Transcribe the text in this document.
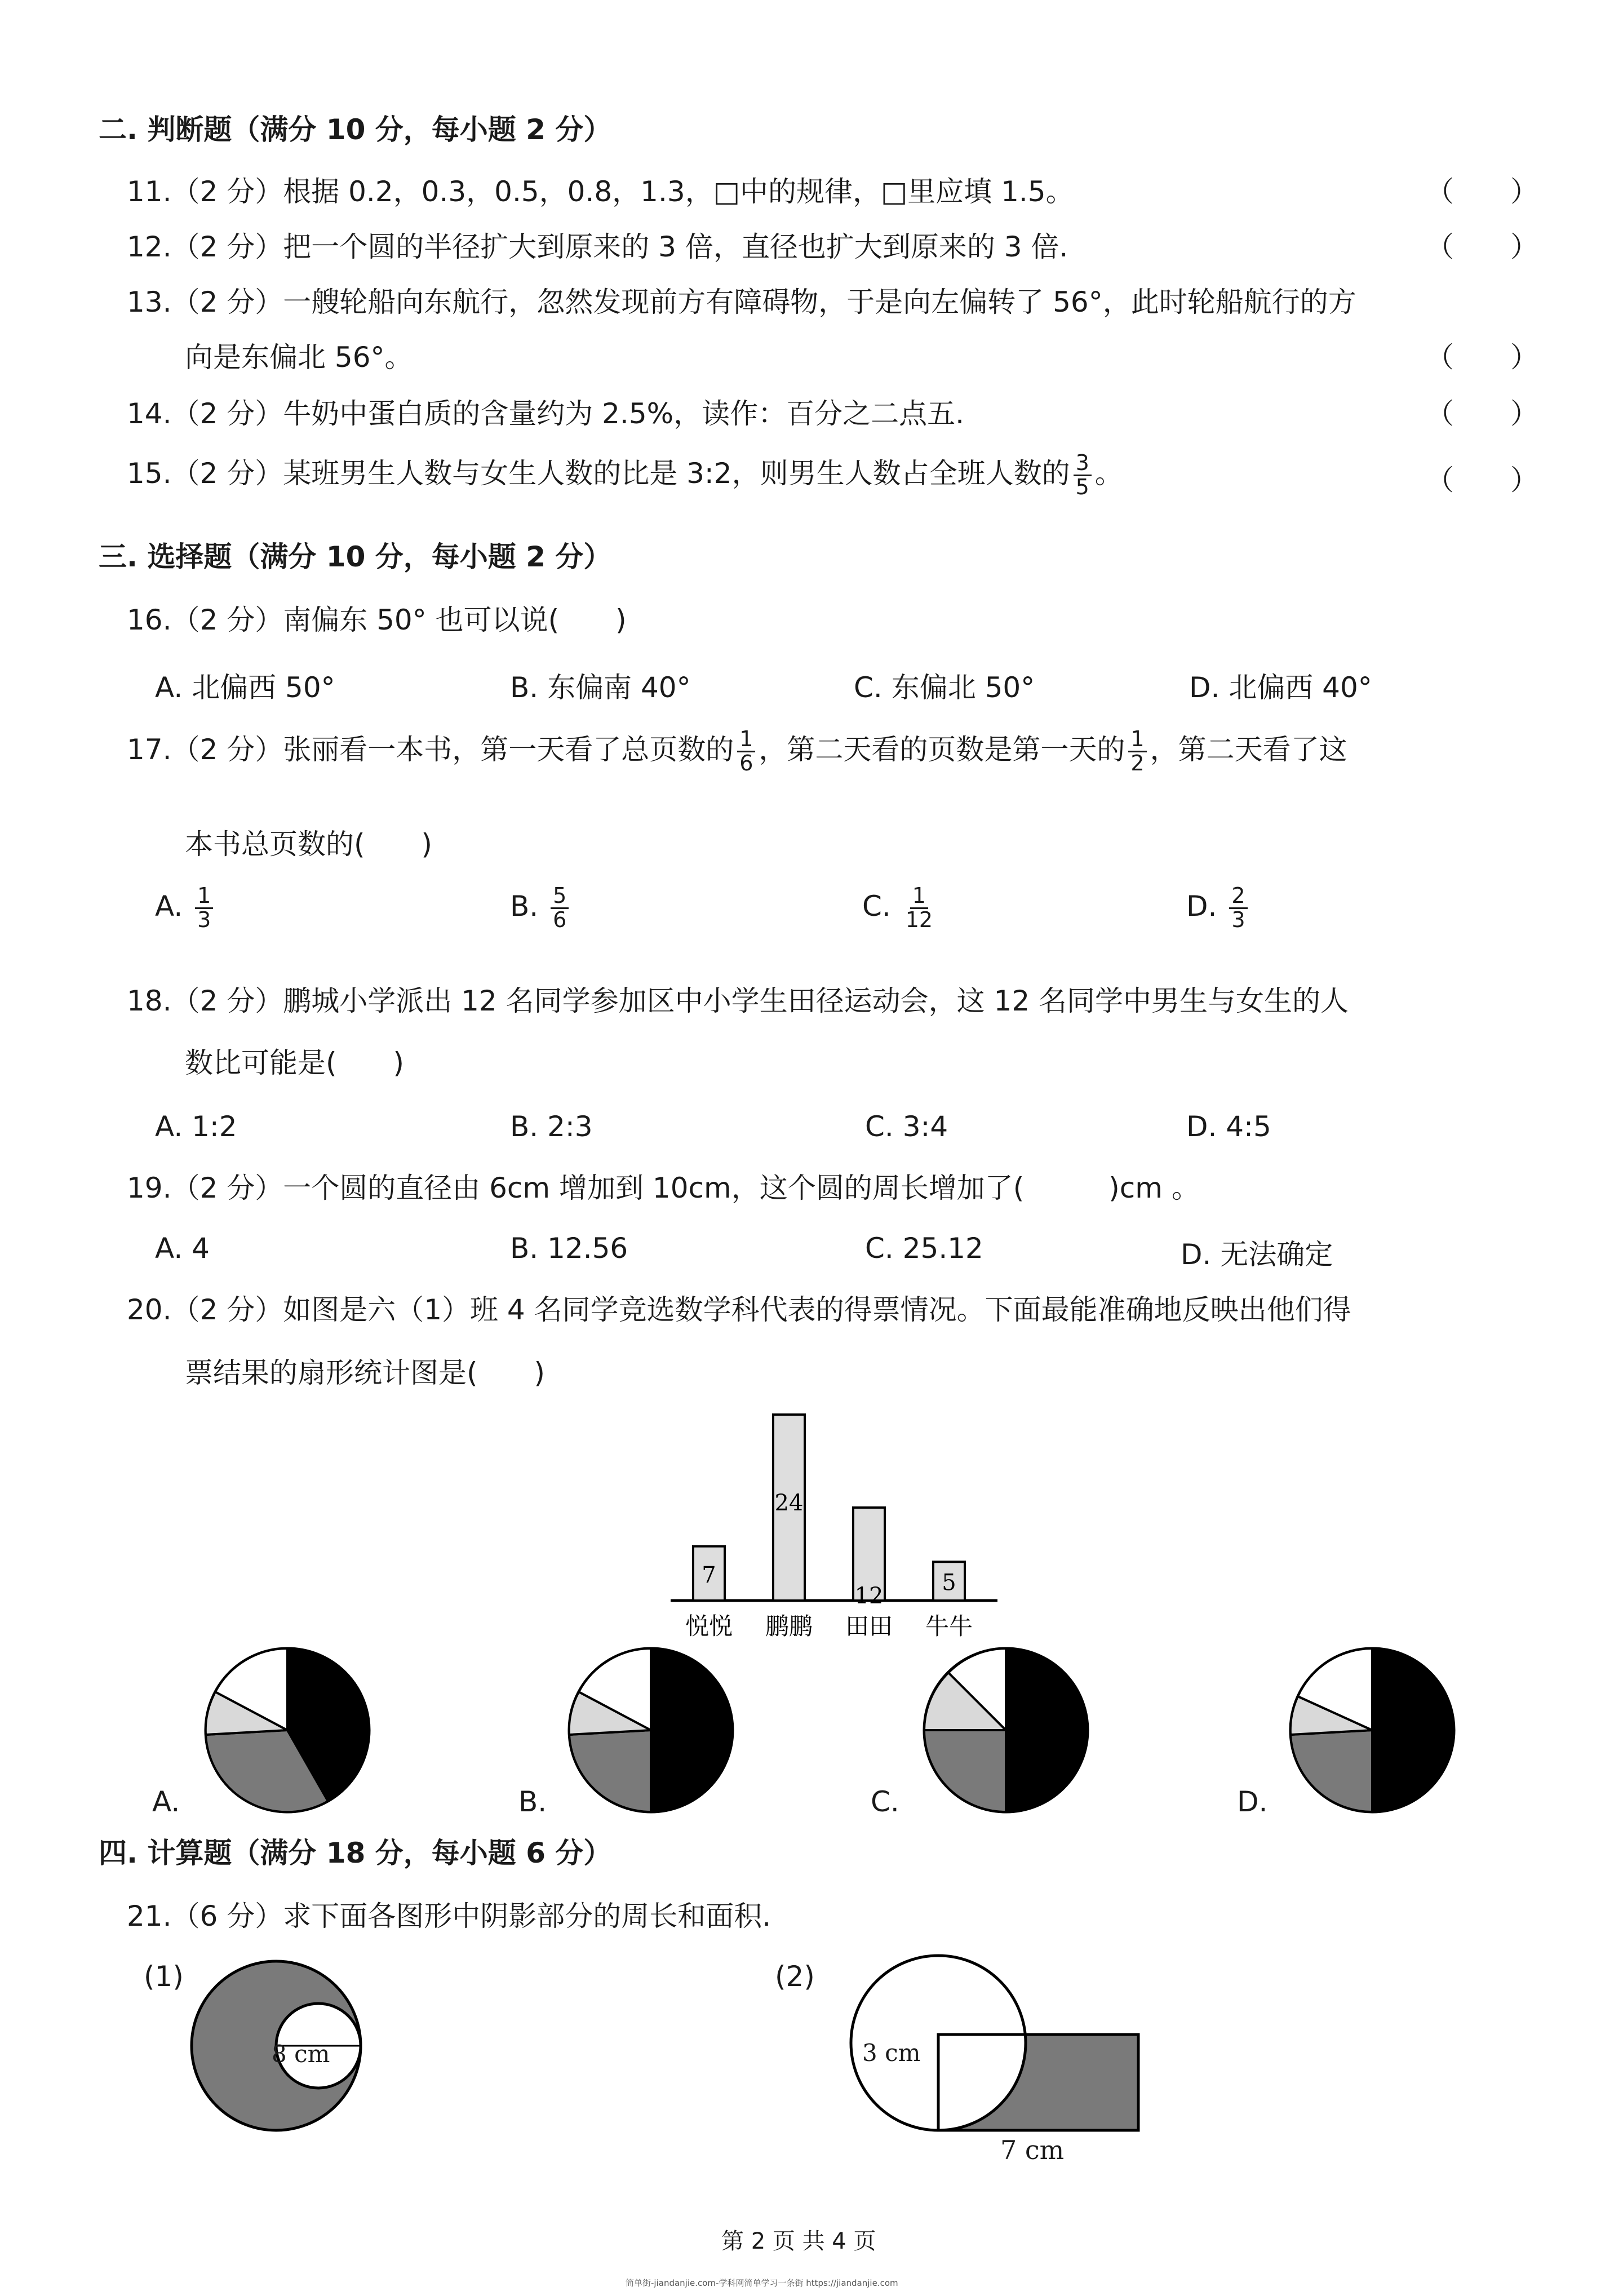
二. 判断题（满分 10 分，每小题 2 分）
11.（2 分）根据 0.2，0.3，0.5，0.8，1.3，□中的规律，□里应填 1.5。	（　　）
12.（2 分）把一个圆的半径扩大到原来的 3 倍，直径也扩大到原来的 3 倍.	（　　）
13.（2 分）一艘轮船向东航行，忽然发现前方有障碍物，于是向左偏转了 56°，此时轮船航行的方
向是东偏北 56°。	（　　）
14.（2 分）牛奶中蛋白质的含量约为 2.5%，读作：百分之二点五.	（　　）
15.（2 分）某班男生人数与女生人数的比是 3:2，则男生人数占全班人数的 $\frac{3}{5}$ 。	（　　）
三. 选择题（满分 10 分，每小题 2 分）
16.（2 分）南偏东 50° 也可以说(　　)
A. 北偏西 50°	B. 东偏南 40°	C. 东偏北 50°	D. 北偏西 40°
17.（2 分）张丽看一本书，第一天看了总页数的 $\frac{1}{6}$ ，第二天看的页数是第一天的 $\frac{1}{2}$ ，第二天看了这
本书总页数的(　　)
A. $\frac{1}{3}$	B. $\frac{5}{6}$	C. $\frac{1}{12}$	D. $\frac{2}{3}$
18.（2 分）鹏城小学派出 12 名同学参加区中小学生田径运动会，这 12 名同学中男生与女生的人
数比可能是(　　)
A. 1:2	B. 2:3	C. 3:4	D. 4:5
19.（2 分）一个圆的直径由 6cm 增加到 10cm，这个圆的周长增加了(　　　)cm 。
A. 4	B. 12.56	C. 25.12	D. 无法确定
20.（2 分）如图是六（1）班 4 名同学竞选数学科代表的得票情况。下面最能准确地反映出他们得
票结果的扇形统计图是(　　)
7
悦悦
24
鹏鹏
12
田田
5
牛牛
A.	B.	C.	D.
四. 计算题（满分 18 分，每小题 6 分）
21.（6 分）求下面各图形中阴影部分的周长和面积.
(1)
8 cm
(2)
3 cm
7 cm
第 2 页 共 4 页
简单街-jiandanjie.com-学科网简单学习一条街 https://jiandanjie.com
